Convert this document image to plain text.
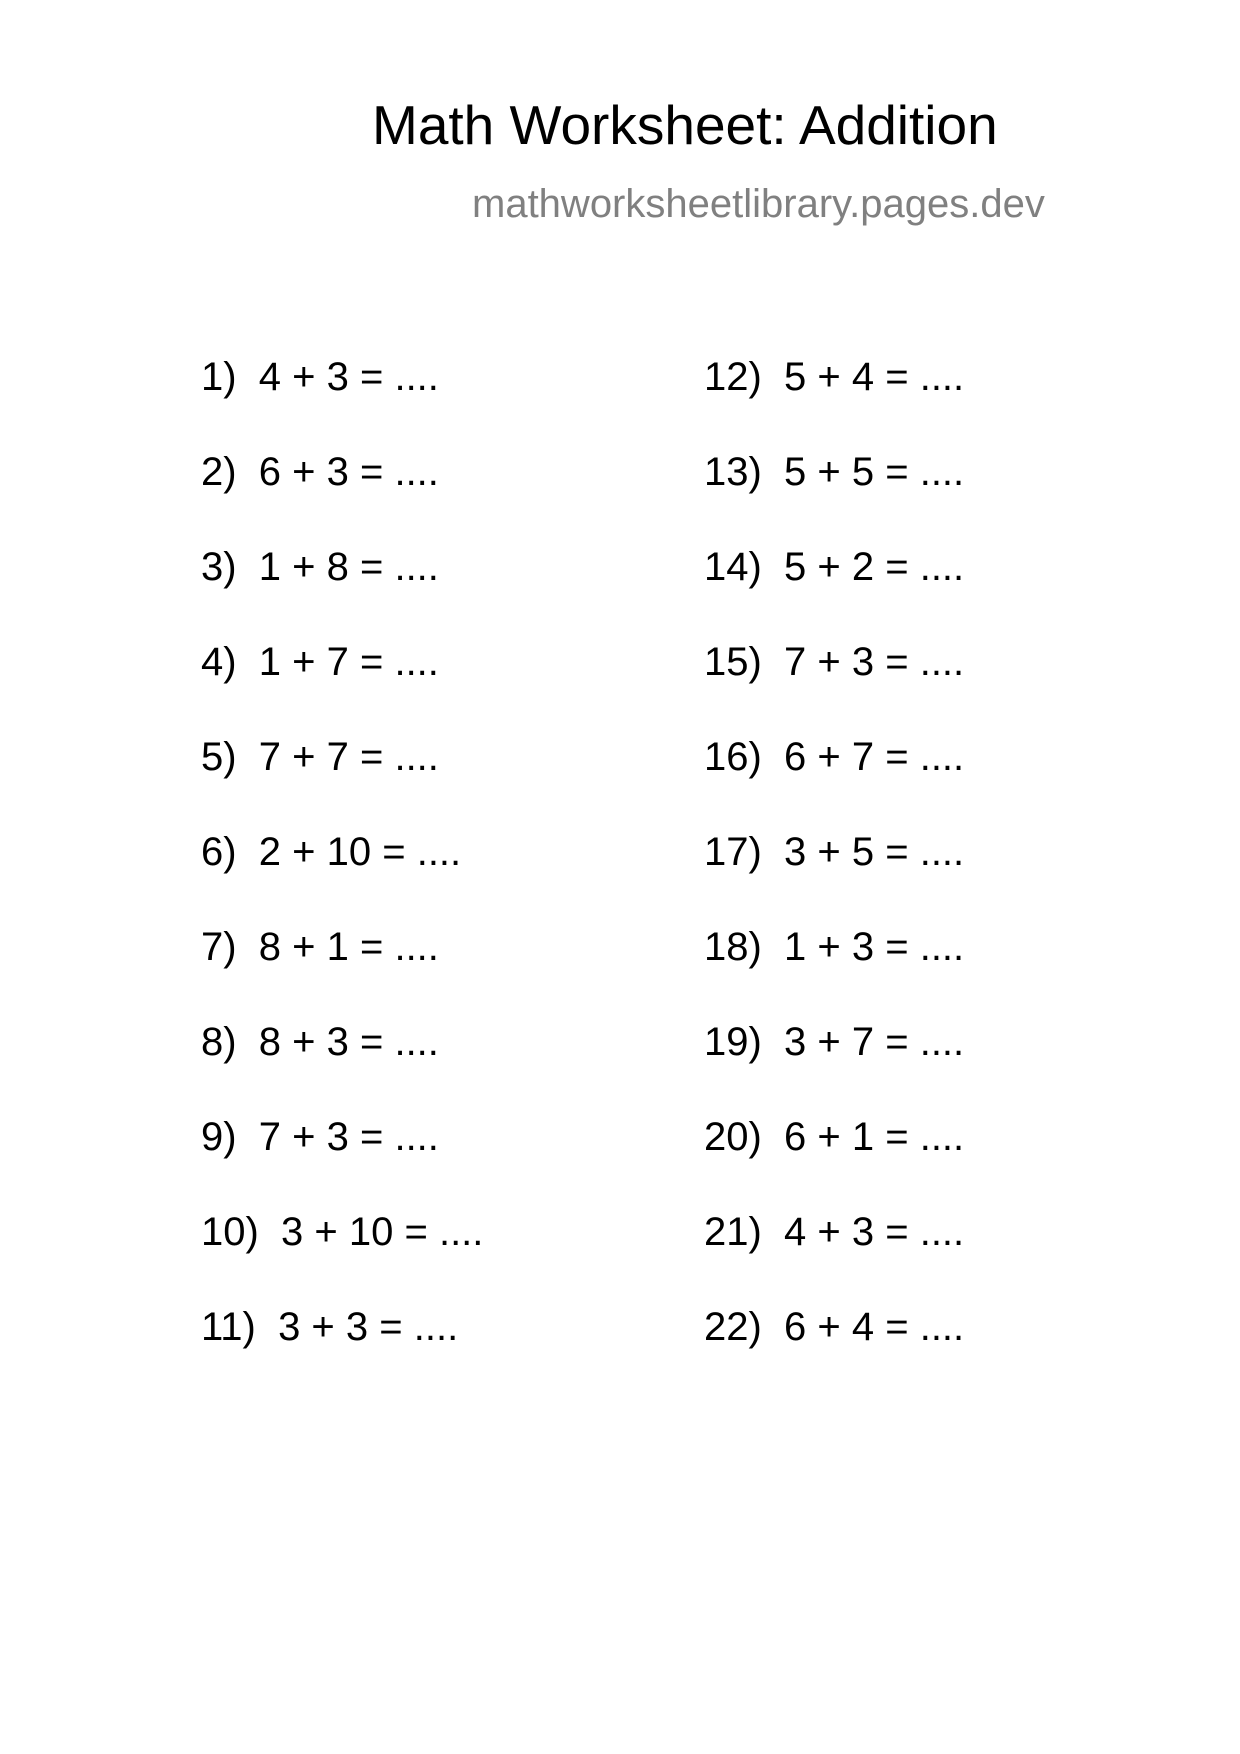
Math Worksheet: Addition
mathworksheetlibrary.pages.dev
1)  4 + 3 = ....
2)  6 + 3 = ....
3)  1 + 8 = ....
4)  1 + 7 = ....
5)  7 + 7 = ....
6)  2 + 10 = ....
7)  8 + 1 = ....
8)  8 + 3 = ....
9)  7 + 3 = ....
10)  3 + 10 = ....
11)  3 + 3 = ....
12)  5 + 4 = ....
13)  5 + 5 = ....
14)  5 + 2 = ....
15)  7 + 3 = ....
16)  6 + 7 = ....
17)  3 + 5 = ....
18)  1 + 3 = ....
19)  3 + 7 = ....
20)  6 + 1 = ....
21)  4 + 3 = ....
22)  6 + 4 = ....
